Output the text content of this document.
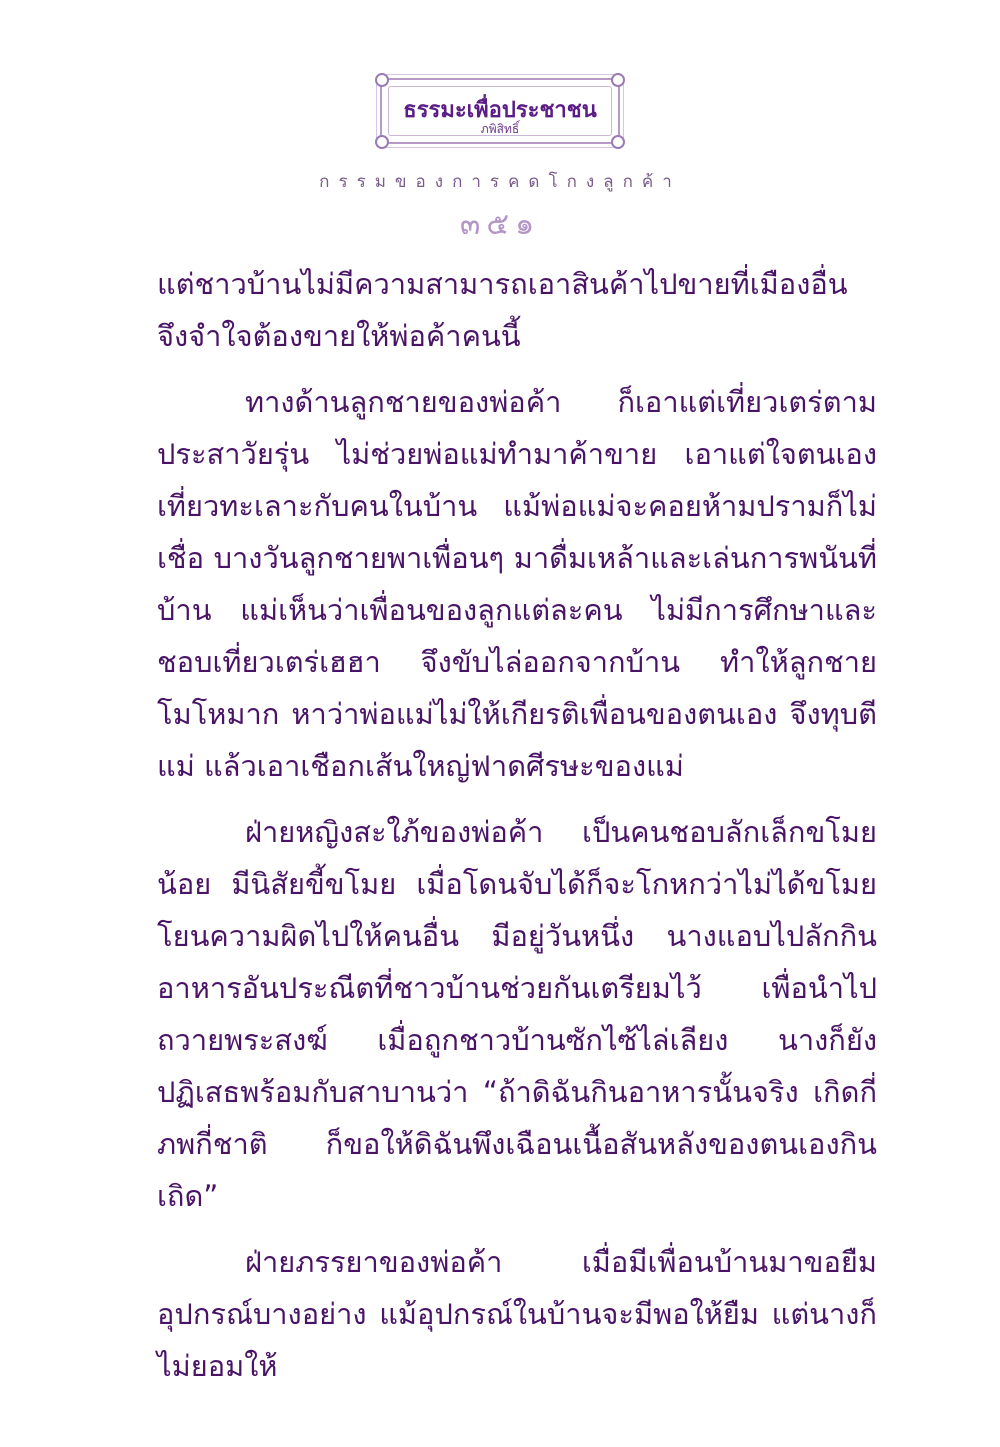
ธรรมะเพื่อประชาชน
ภพิสิทธิ์
กรรมของการคดโกงลูกค้า
๓๕๑

แต่ชาวบ้านไม่มีความสามารถเอาสินค้าไปขายที่เมืองอื่น จึงจำใจต้องขายให้พ่อค้าคนนี้

ทางด้านลูกชายของพ่อค้า ก็เอาแต่เที่ยวเตร่ตามประสาวัยรุ่น ไม่ช่วยพ่อแม่ทำมาค้าขาย เอาแต่ใจตนเอง เที่ยวทะเลาะกับคนในบ้าน แม้พ่อแม่จะคอยห้ามปรามก็ไม่เชื่อ บางวันลูกชายพาเพื่อนๆ มาดื่มเหล้าและเล่นการพนันที่บ้าน แม่เห็นว่าเพื่อนของลูกแต่ละคน ไม่มีการศึกษาและชอบเที่ยวเตร่เฮฮา จึงขับไล่ออกจากบ้าน ทำให้ลูกชายโมโหมาก หาว่าพ่อแม่ไม่ให้เกียรติเพื่อนของตนเอง จึงทุบตีแม่ แล้วเอาเชือกเส้นใหญ่ฟาดศีรษะของแม่

ฝ่ายหญิงสะใภ้ของพ่อค้า เป็นคนชอบลักเล็กขโมยน้อย มีนิสัยขี้ขโมย เมื่อโดนจับได้ก็จะโกหกว่าไม่ได้ขโมย โยนความผิดไปให้คนอื่น มีอยู่วันหนึ่ง นางแอบไปลักกินอาหารอันประณีตที่ชาวบ้านช่วยกันเตรียมไว้ เพื่อนำไปถวายพระสงฆ์ เมื่อถูกชาวบ้านซักไซ้ไล่เลียง นางก็ยังปฏิเสธพร้อมกับสาบานว่า “ถ้าดิฉันกินอาหารนั้นจริง เกิดกี่ภพกี่ชาติ ก็ขอให้ดิฉันพึงเฉือนเนื้อสันหลังของตนเองกินเถิด”

ฝ่ายภรรยาของพ่อค้า เมื่อมีเพื่อนบ้านมาขอยืมอุปกรณ์บางอย่าง แม้อุปกรณ์ในบ้านจะมีพอให้ยืม แต่นางก็ไม่ยอมให้
